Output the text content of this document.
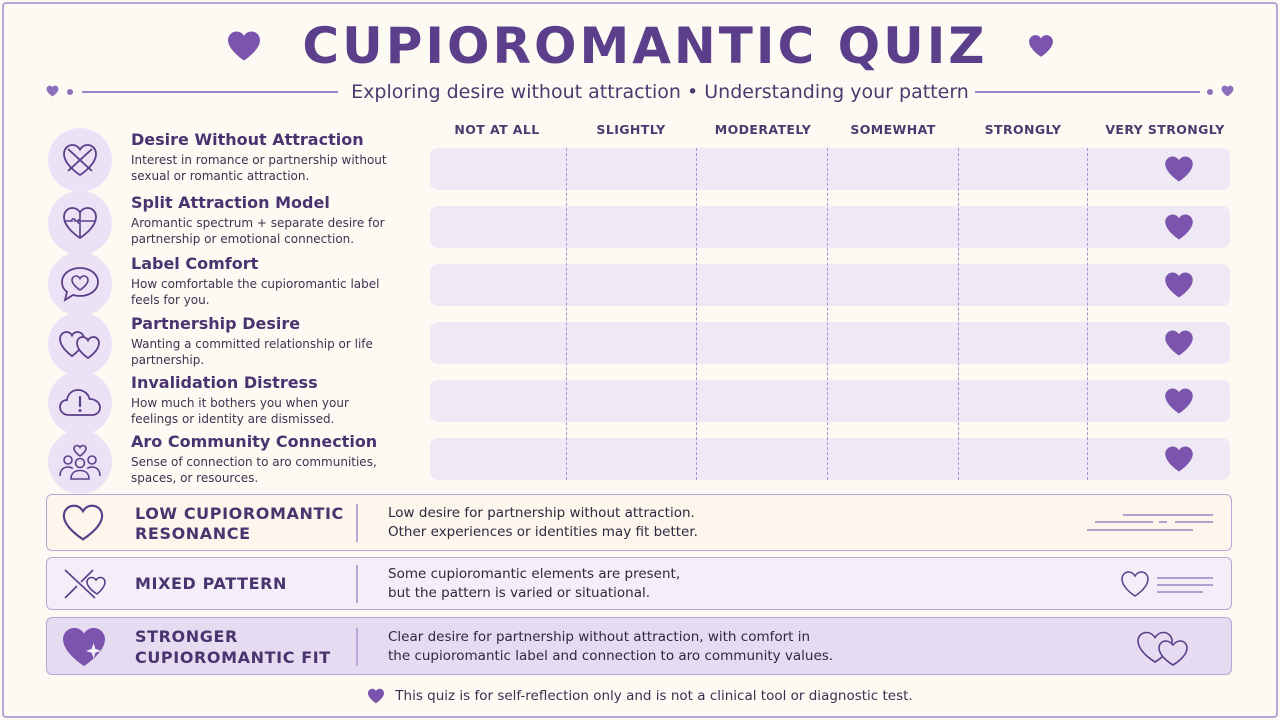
CUPIOROMANTIC QUIZ
Exploring desire without attraction • Understanding your pattern
NOT AT ALL	SLIGHTLY	MODERATELY	SOMEWHAT	STRONGLY	VERY STRONGLY
Desire Without Attraction
Interest in romance or partnership without sexual or romantic attraction.
Split Attraction Model
Aromantic spectrum + separate desire for partnership or emotional connection.
Label Comfort
How comfortable the cupioromantic label feels for you.
Partnership Desire
Wanting a committed relationship or life partnership.
Invalidation Distress
How much it bothers you when your feelings or identity are dismissed.
Aro Community Connection
Sense of connection to aro communities, spaces, or resources.
LOW CUPIOROMANTIC
RESONANCE
Low desire for partnership without attraction.
Other experiences or identities may fit better.
MIXED PATTERN	Some cupioromantic elements are present,
but the pattern is varied or situational.
STRONGER
CUPIOROMANTIC FIT
Clear desire for partnership without attraction, with comfort in
the cupioromantic label and connection to aro community values.
This quiz is for self-reflection only and is not a clinical tool or diagnostic test.
